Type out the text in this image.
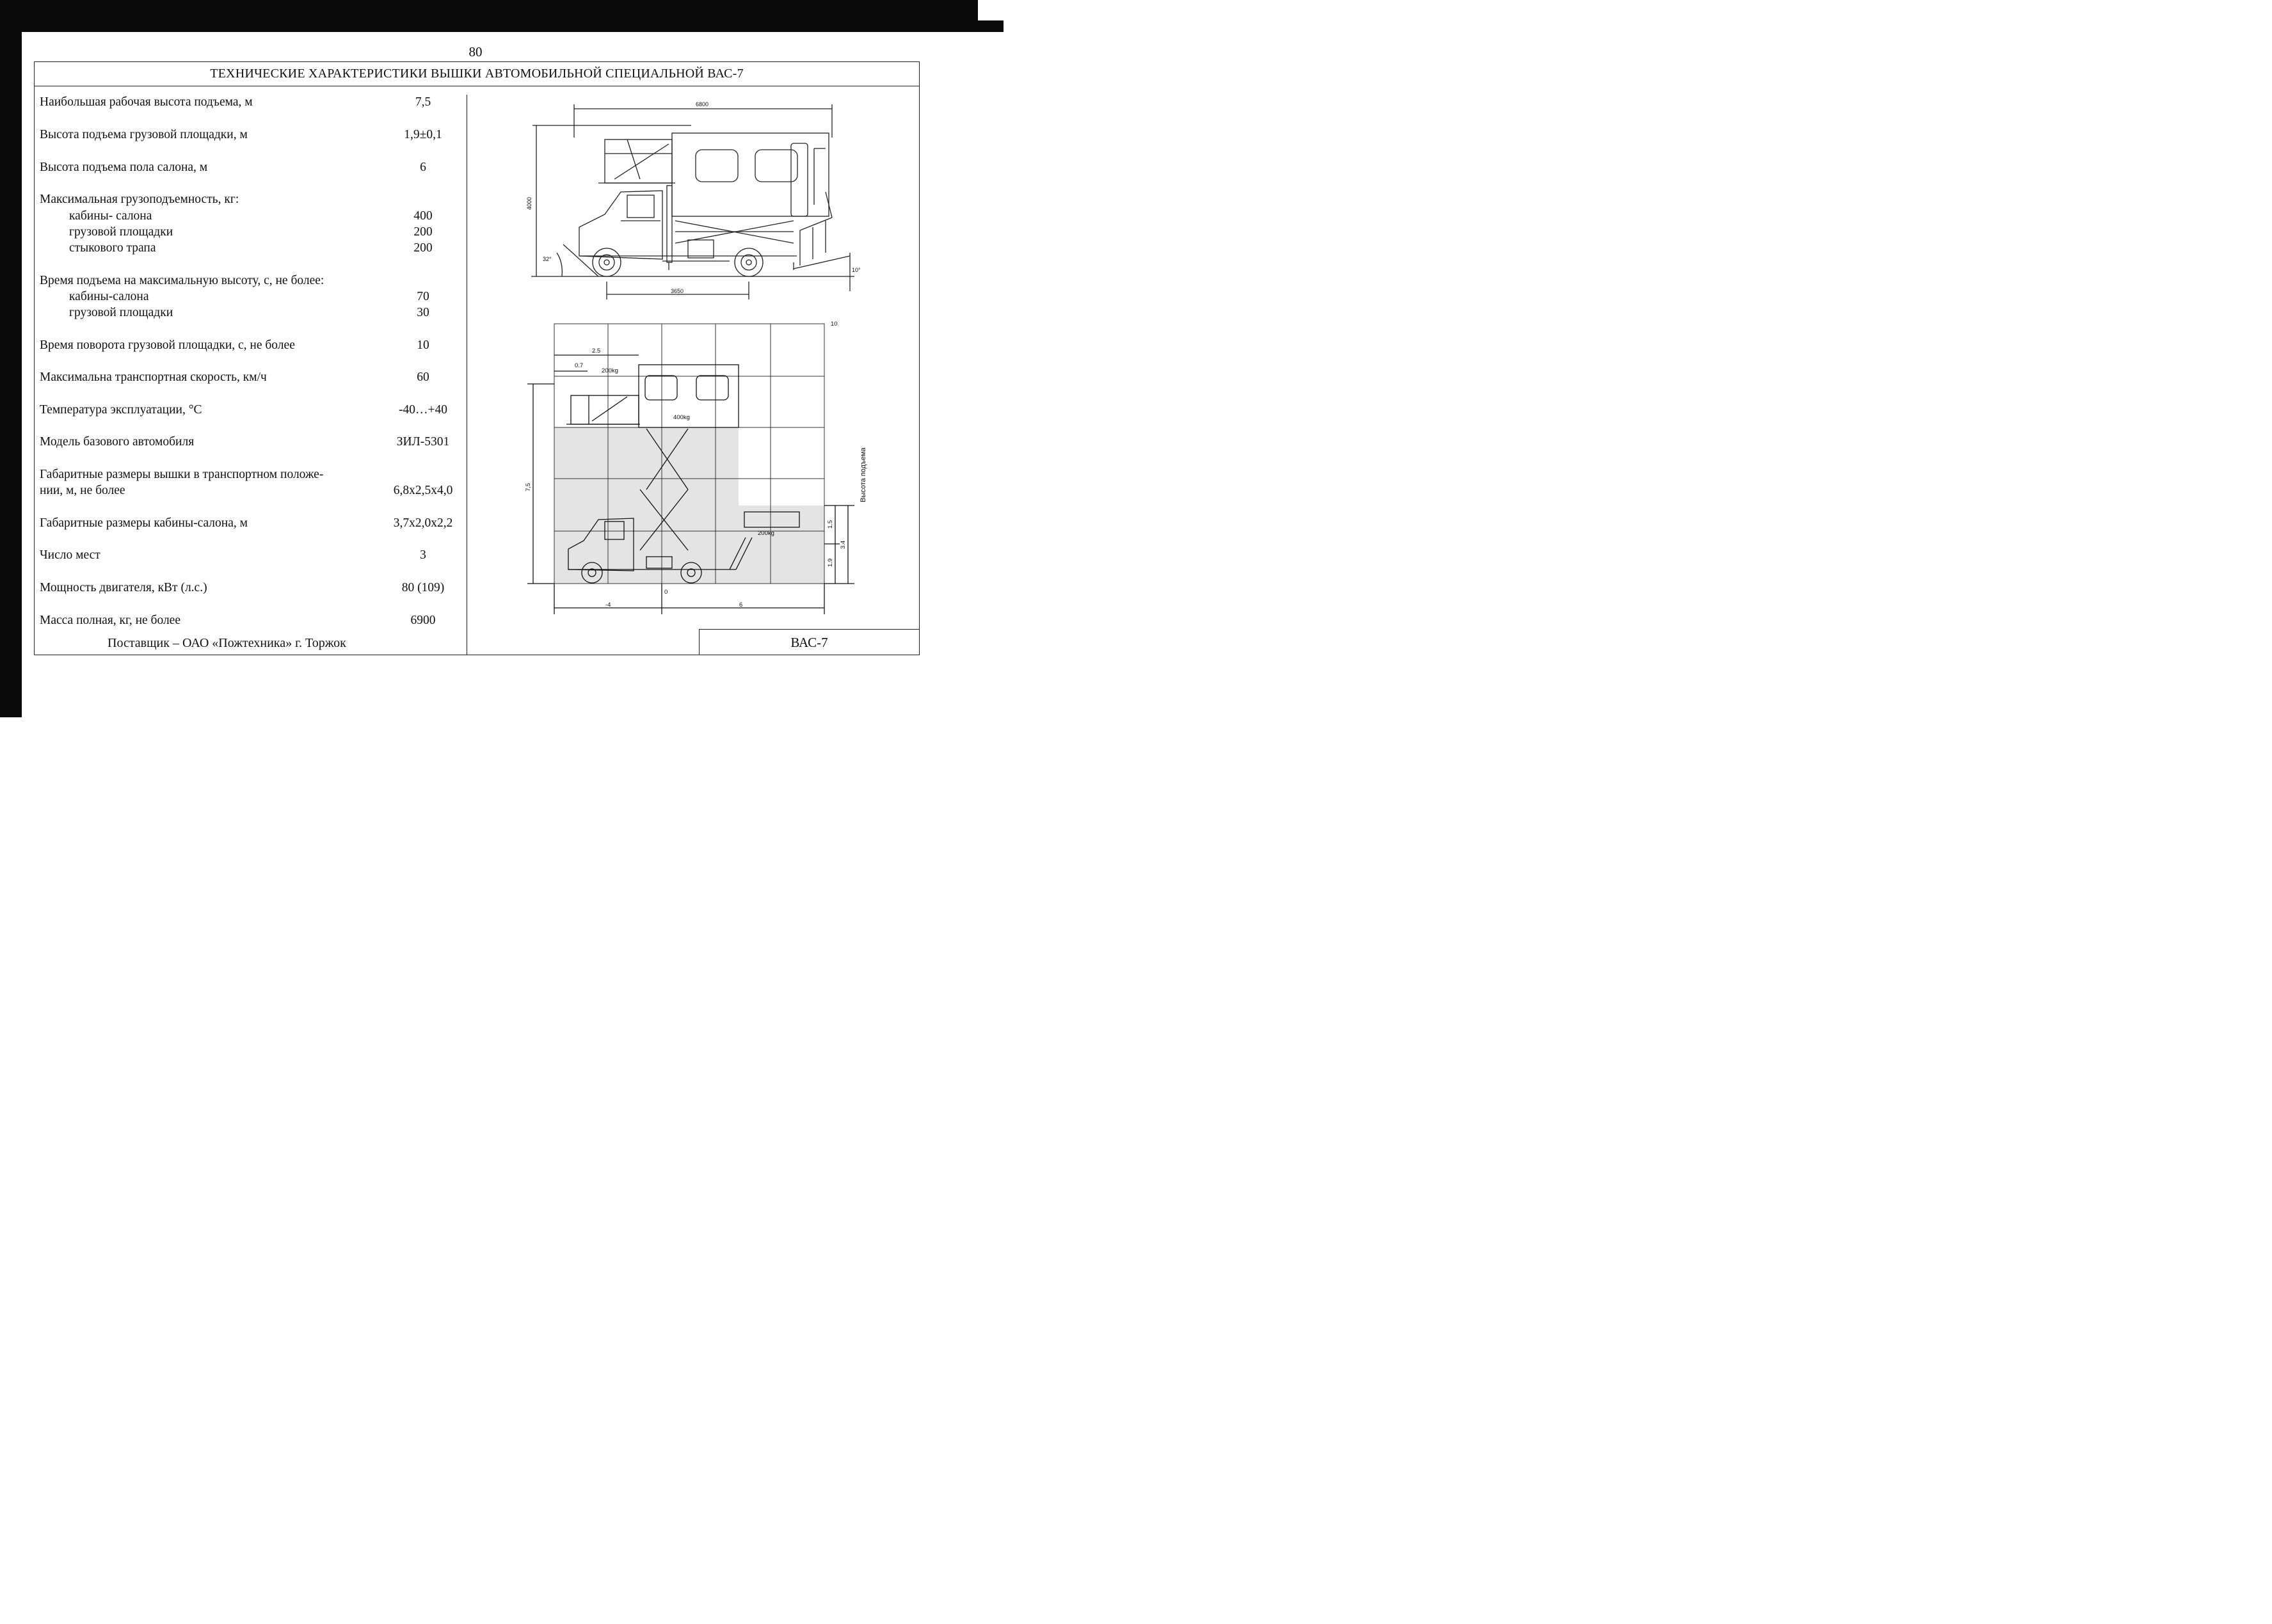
80
ТЕХНИЧЕСКИЕ ХАРАКТЕРИСТИКИ ВЫШКИ АВТОМОБИЛЬНОЙ СПЕЦИАЛЬНОЙ ВАС-7
Наибольшая рабочая высота подъема, м	7,5
Высота подъема грузовой площадки, м	1,9±0,1
Высота подъема пола салона, м	6
Максимальная грузоподъемность, кг:
кабины- салона	400
грузовой площадки	200
стыкового трапа	200
Время подъема на максимальную высоту, с, не более:
кабины-салона	70
грузовой площадки	30
Время поворота грузовой площадки, с, не более	10
Максимальна транспортная скорость, км/ч	60
Температура эксплуатации, °С	-40…+40
Модель базового автомобиля	ЗИЛ-5301
Габаритные размеры вышки в транспортном положе-
нии, м, не более	6,8х2,5х4,0
Габаритные размеры кабины-салона, м	3,7х2,0х2,2
Число мест	3
Мощность двигателя, кВт (л.с.)	80 (109)
Масса полная, кг, не более	6900
Поставщик – ОАО «Пожтехника» г. Торжок	ВАС-7
6800
4000
3650
32°
10°
2.5
0.7
200kg
400kg
200kg
10
7,5
1.5
3.4
1.9
0
-4	6
Высота подъема
